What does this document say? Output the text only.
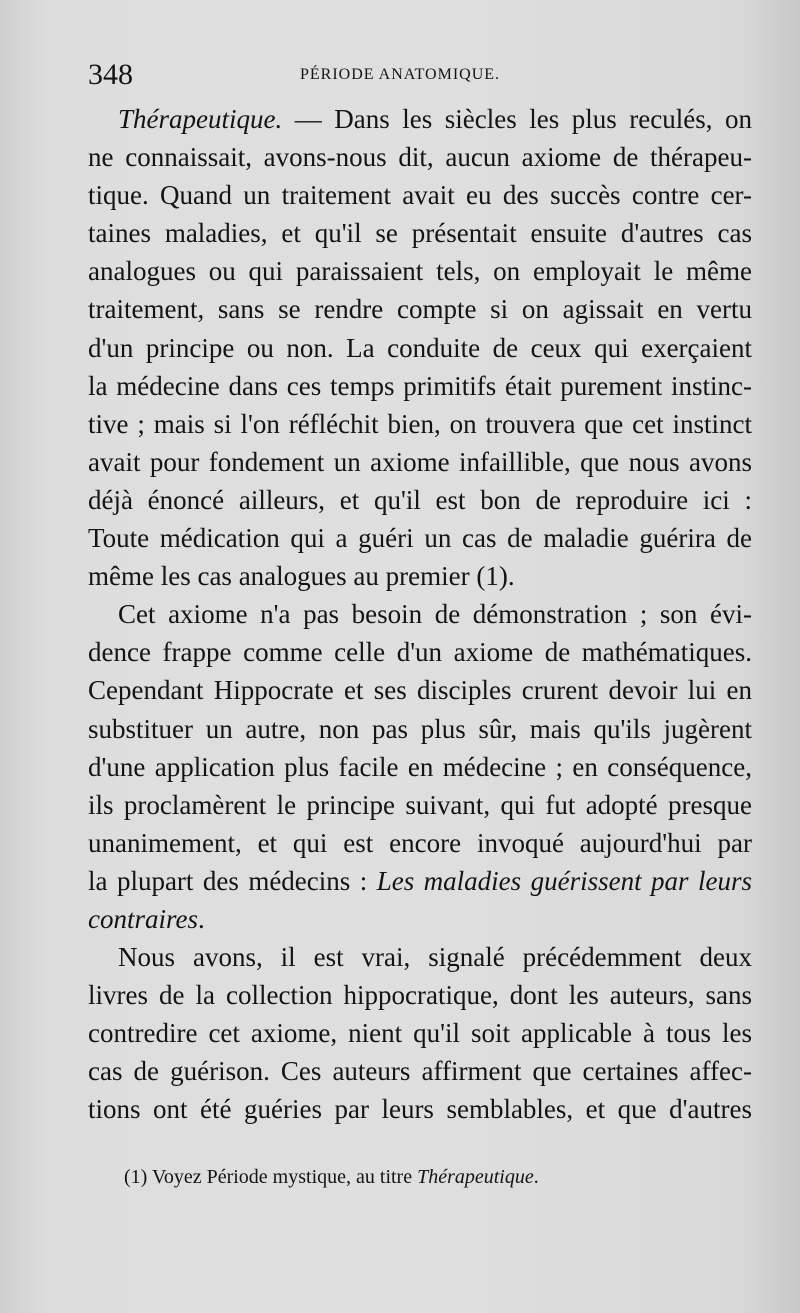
348	PÉRIODE ANATOMIQUE.
Thérapeutique. — Dans les siècles les plus reculés, on
ne connaissait, avons-nous dit, aucun axiome de thérapeu-
tique. Quand un traitement avait eu des succès contre cer-
taines maladies, et qu'il se présentait ensuite d'autres cas
analogues ou qui paraissaient tels, on employait le même
traitement, sans se rendre compte si on agissait en vertu
d'un principe ou non. La conduite de ceux qui exerçaient
la médecine dans ces temps primitifs était purement instinc-
tive ; mais si l'on réfléchit bien, on trouvera que cet instinct
avait pour fondement un axiome infaillible, que nous avons
déjà énoncé ailleurs, et qu'il est bon de reproduire ici :
Toute médication qui a guéri un cas de maladie guérira de
même les cas analogues au premier (1).
Cet axiome n'a pas besoin de démonstration ; son évi-
dence frappe comme celle d'un axiome de mathématiques.
Cependant Hippocrate et ses disciples crurent devoir lui en
substituer un autre, non pas plus sûr, mais qu'ils jugèrent
d'une application plus facile en médecine ; en conséquence,
ils proclamèrent le principe suivant, qui fut adopté presque
unanimement, et qui est encore invoqué aujourd'hui par
la plupart des médecins : Les maladies guérissent par leurs
contraires.
Nous avons, il est vrai, signalé précédemment deux
livres de la collection hippocratique, dont les auteurs, sans
contredire cet axiome, nient qu'il soit applicable à tous les
cas de guérison. Ces auteurs affirment que certaines affec-
tions ont été guéries par leurs semblables, et que d'autres
(1) Voyez Période mystique, au titre Thérapeutique.
